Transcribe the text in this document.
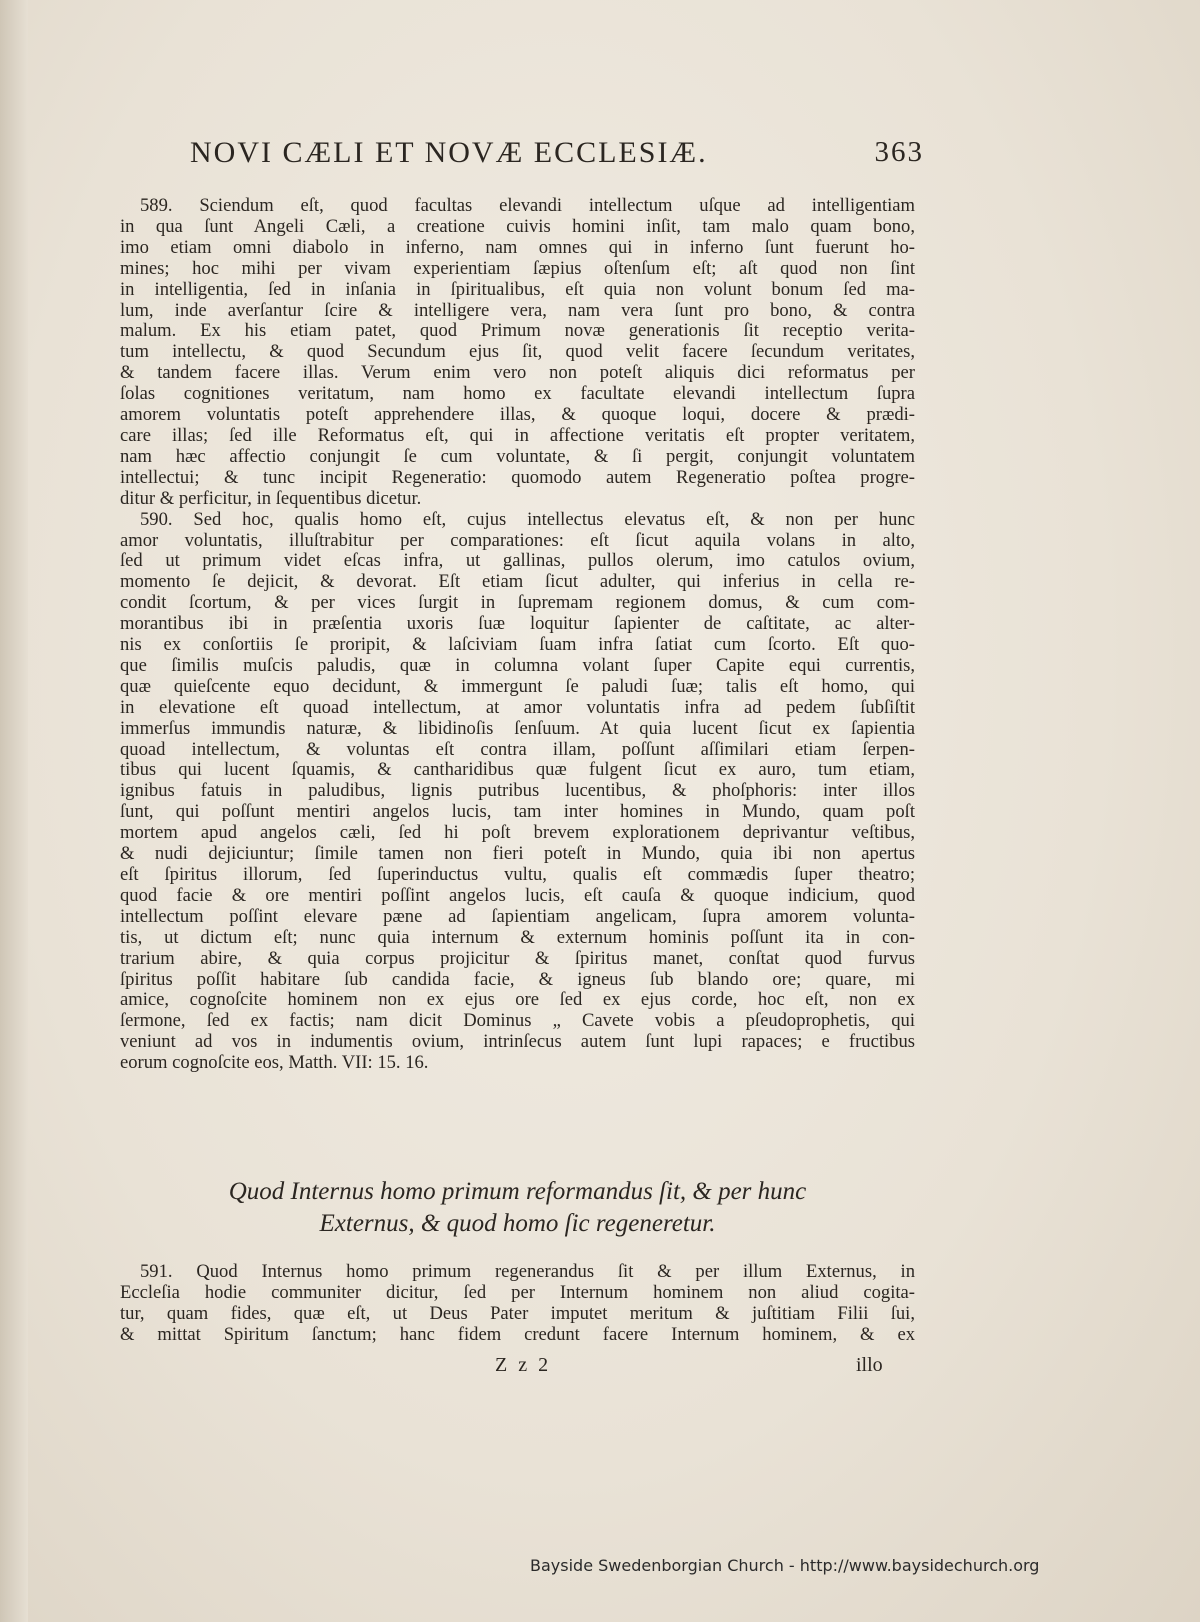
NOVI CÆLI ET NOVÆ ECCLESIÆ.	363
589. Sciendum eſt, quod facultas elevandi intellectum uſque ad intelligentiam
in qua ſunt Angeli Cæli, a creatione cuivis homini inſit, tam malo quam bono,
imo etiam omni diabolo in inferno, nam omnes qui in inferno ſunt fuerunt ho-
mines; hoc mihi per vivam experientiam ſæpius oſtenſum eſt; aſt quod non ſint
in intelligentia, ſed in inſania in ſpiritualibus, eſt quia non volunt bonum ſed ma-
lum, inde averſantur ſcire & intelligere vera, nam vera ſunt pro bono, & contra
malum. Ex his etiam patet, quod Primum novæ generationis ſit receptio verita-
tum intellectu, & quod Secundum ejus ſit, quod velit facere ſecundum veritates,
& tandem facere illas. Verum enim vero non poteſt aliquis dici reformatus per
ſolas cognitiones veritatum, nam homo ex facultate elevandi intellectum ſupra
amorem voluntatis poteſt apprehendere illas, & quoque loqui, docere & prædi-
care illas; ſed ille Reformatus eſt, qui in affectione veritatis eſt propter veritatem,
nam hæc affectio conjungit ſe cum voluntate, & ſi pergit, conjungit voluntatem
intellectui; & tunc incipit Regeneratio: quomodo autem Regeneratio poſtea progre-
ditur & perficitur, in ſequentibus dicetur.
590. Sed hoc, qualis homo eſt, cujus intellectus elevatus eſt, & non per hunc
amor voluntatis, illuſtrabitur per comparationes: eſt ſicut aquila volans in alto,
ſed ut primum videt eſcas infra, ut gallinas, pullos olerum, imo catulos ovium,
momento ſe dejicit, & devorat. Eſt etiam ſicut adulter, qui inferius in cella re-
condit ſcortum, & per vices ſurgit in ſupremam regionem domus, & cum com-
morantibus ibi in præſentia uxoris ſuæ loquitur ſapienter de caſtitate, ac alter-
nis ex conſortiis ſe proripit, & laſciviam ſuam infra ſatiat cum ſcorto. Eſt quo-
que ſimilis muſcis paludis, quæ in columna volant ſuper Capite equi currentis,
quæ quieſcente equo decidunt, & immergunt ſe paludi ſuæ; talis eſt homo, qui
in elevatione eſt quoad intellectum, at amor voluntatis infra ad pedem ſubſiſtit
immerſus immundis naturæ, & libidinoſis ſenſuum. At quia lucent ſicut ex ſapientia
quoad intellectum, & voluntas eſt contra illam, poſſunt aſſimilari etiam ſerpen-
tibus qui lucent ſquamis, & cantharidibus quæ fulgent ſicut ex auro, tum etiam,
ignibus fatuis in paludibus, lignis putribus lucentibus, & phoſphoris: inter illos
ſunt, qui poſſunt mentiri angelos lucis, tam inter homines in Mundo, quam poſt
mortem apud angelos cæli, ſed hi poſt brevem explorationem deprivantur veſtibus,
& nudi dejiciuntur; ſimile tamen non fieri poteſt in Mundo, quia ibi non apertus
eſt ſpiritus illorum, ſed ſuperinductus vultu, qualis eſt commædis ſuper theatro;
quod facie & ore mentiri poſſint angelos lucis, eſt cauſa & quoque indicium, quod
intellectum poſſint elevare pæne ad ſapientiam angelicam, ſupra amorem volunta-
tis, ut dictum eſt; nunc quia internum & externum hominis poſſunt ita in con-
trarium abire, & quia corpus projicitur & ſpiritus manet, conſtat quod furvus
ſpiritus poſſit habitare ſub candida facie, & igneus ſub blando ore; quare, mi
amice, cognoſcite hominem non ex ejus ore ſed ex ejus corde, hoc eſt, non ex
ſermone, ſed ex factis; nam dicit Dominus „ Cavete vobis a pſeudoprophetis, qui
veniunt ad vos in indumentis ovium, intrinſecus autem ſunt lupi rapaces; e fructibus
eorum cognoſcite eos, Matth. VII: 15. 16.
Quod Internus homo primum reformandus ſit, & per hunc
Externus, & quod homo ſic regeneretur.
591. Quod Internus homo primum regenerandus ſit & per illum Externus, in
Eccleſia hodie communiter dicitur, ſed per Internum hominem non aliud cogita-
tur, quam fides, quæ eſt, ut Deus Pater imputet meritum & juſtitiam Filii ſui,
& mittat Spiritum ſanctum; hanc fidem credunt facere Internum hominem, & ex
Z z 2	illo
Bayside Swedenborgian Church - http://www.baysidechurch.org
